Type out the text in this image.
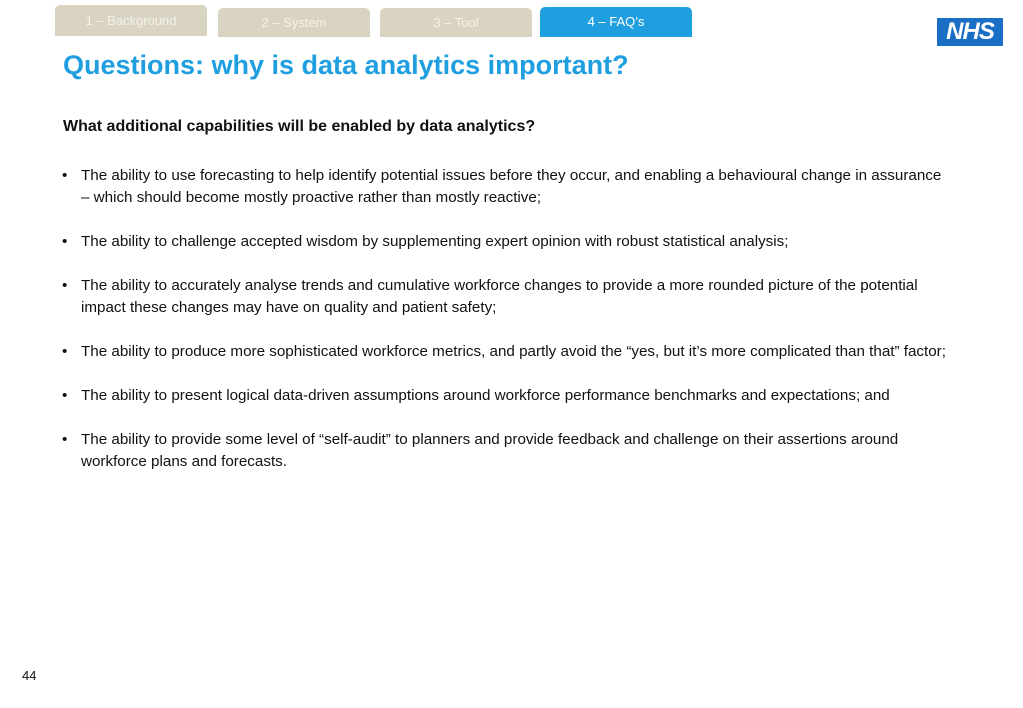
1 – Background	2 – System	3 – Tool	4 – FAQ’s	NHS
Questions: why is data analytics important?
What additional capabilities will be enabled by data analytics?
• The ability to use forecasting to help identify potential issues before they occur, and enabling a behavioural change in assurance – which should become mostly proactive rather than mostly reactive;
• The ability to challenge accepted wisdom by supplementing expert opinion with robust statistical analysis;
• The ability to accurately analyse trends and cumulative workforce changes to provide a more rounded picture of the potential impact these changes may have on quality and patient safety;
• The ability to produce more sophisticated workforce metrics, and partly avoid the “yes, but it’s more complicated than that” factor;
• The ability to present logical data-driven assumptions around workforce performance benchmarks and expectations; and
• The ability to provide some level of “self-audit” to planners and provide feedback and challenge on their assertions around workforce plans and forecasts.
44
